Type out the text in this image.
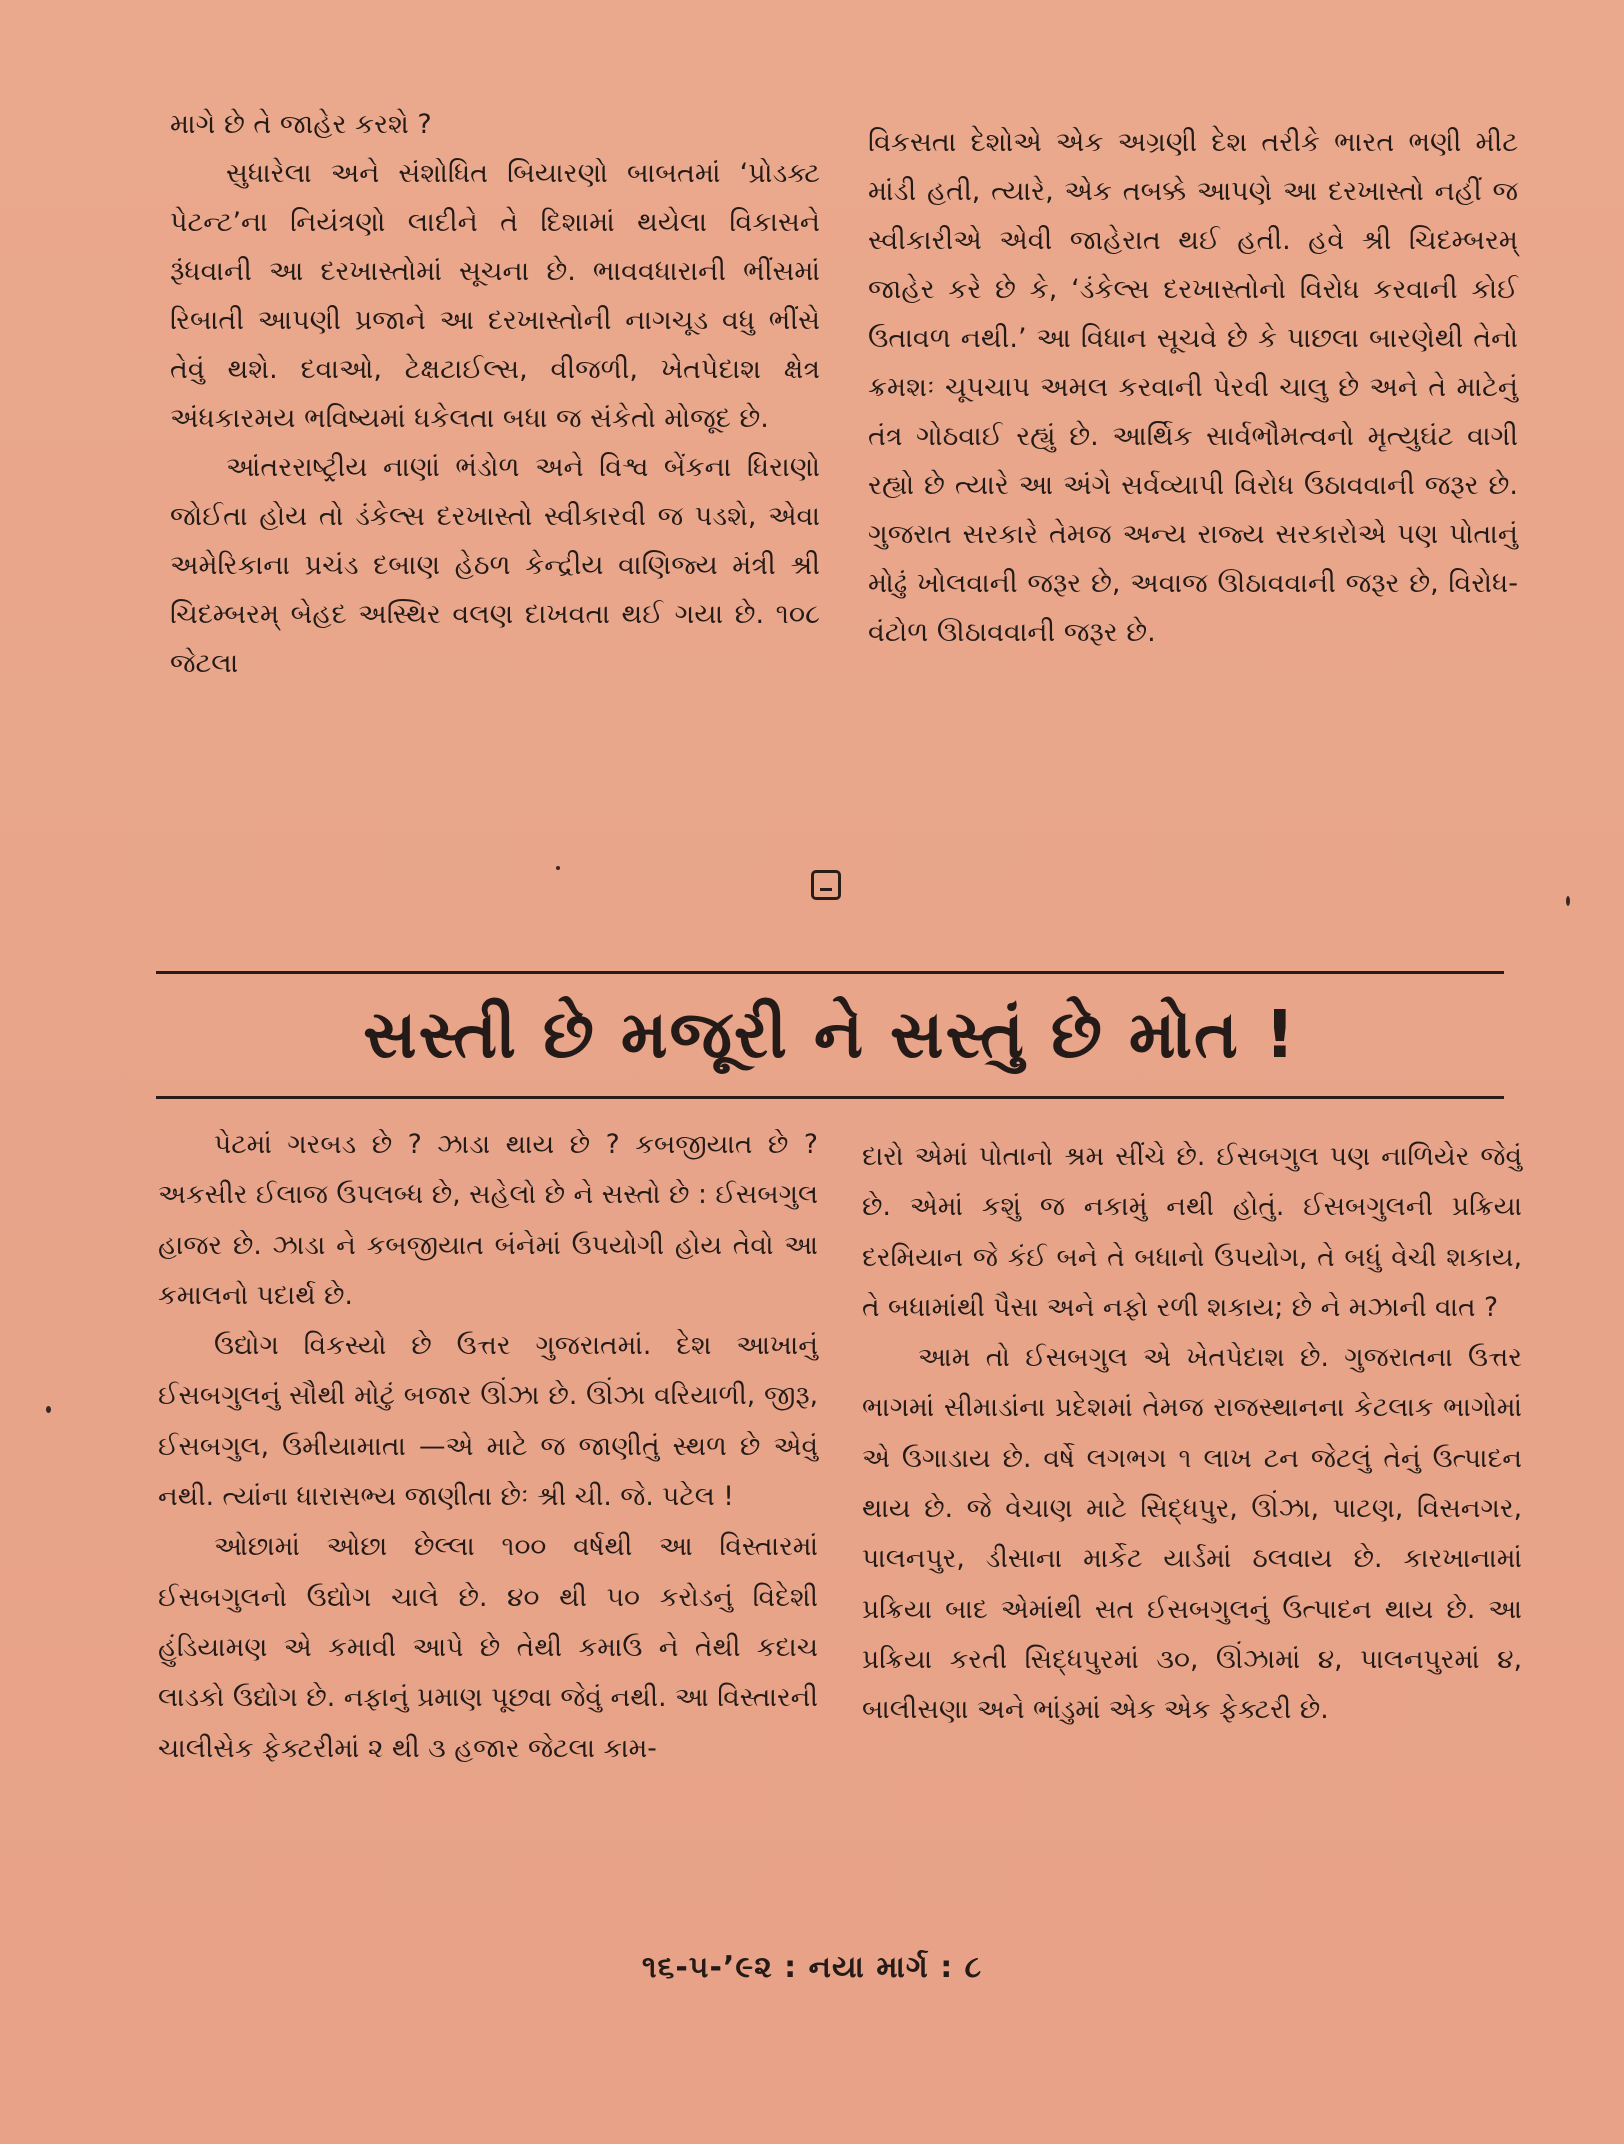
માગે છે તે જાહેર કરશે ?

સુધારેલા અને સંશોધિત બિયારણો બાબતમાં ‘પ્રોડક્ટ પેટન્ટ’ના નિયંત્રણો લાદીને તે દિશામાં થયેલા વિકાસને રૂંધવાની આ દરખાસ્તોમાં સૂચના છે. ભાવવધારાની ભીંસમાં રિબાતી આપણી પ્રજાને આ દરખાસ્તોની નાગચૂડ વધુ ભીંસે તેવું થશે. દવાઓ, ટેક્ષટાઈલ્સ, વીજળી, ખેતપેદાશ ક્ષેત્ર અંધકારમય ભવિષ્યમાં ધકેલતા બધા જ સંકેતો મોજૂદ છે.

આંતરરાષ્ટ્રીય નાણાં ભંડોળ અને વિશ્વ બેંકના ધિરાણો જોઈતા હોય તો ડંકેલ્સ દરખાસ્તો સ્વીકારવી જ પડશે, એવા અમેરિકાના પ્રચંડ દબાણ હેઠળ કેન્દ્રીય વાણિજ્ય મંત્રી શ્રી ચિદમ્બરમ્ બેહદ અસ્થિર વલણ દાખવતા થઈ ગયા છે. ૧૦૮ જેટલા

વિકસતા દેશોએ એક અગ્રણી દેશ તરીકે ભારત ભણી મીટ માંડી હતી, ત્યારે, એક તબક્કે આપણે આ દરખાસ્તો નહીં જ સ્વીકારીએ એવી જાહેરાત થઈ હતી. હવે શ્રી ચિદમ્બરમ્ જાહેર કરે છે કે, ‘ડંકેલ્સ દરખાસ્તોનો વિરોધ કરવાની કોઈ ઉતાવળ નથી.’ આ વિધાન સૂચવે છે કે પાછલા બારણેથી તેનો ક્રમશઃ ચૂપચાપ અમલ કરવાની પેરવી ચાલુ છે અને તે માટેનું તંત્ર ગોઠવાઈ રહ્યું છે. આર્થિક સાર્વભૌમત્વનો મૃત્યુઘંટ વાગી રહ્યો છે ત્યારે આ અંગે સર્વવ્યાપી વિરોધ ઉઠાવવાની જરૂર છે. ગુજરાત સરકારે તેમજ અન્ય રાજ્ય સરકારોએ પણ પોતાનું મોઢું ખોલવાની જરૂર છે, અવાજ ઊઠાવવાની જરૂર છે, વિરોધ-વંટોળ ઊઠાવવાની જરૂર છે.

સસ્તી છે મજૂરી ને સસ્તું છે મોત !

પેટમાં ગરબડ છે ? ઝાડા થાય છે ? કબજીયાત છે ? અકસીર ઈલાજ ઉપલબ્ધ છે, સહેલો છે ને સસ્તો છે : ઈસબગુલ હાજર છે. ઝાડા ને કબજીયાત બંનેમાં ઉપયોગી હોય તેવો આ કમાલનો પદાર્થ છે.

ઉદ્યોગ વિકસ્યો છે ઉત્તર ગુજરાતમાં. દેશ આખાનું ઈસબગુલનું સૌથી મોટું બજાર ઊંઝા છે. ઊંઝા વરિયાળી, જીરૂ, ઈસબગુલ, ઉમીયામાતા —એ માટે જ જાણીતું સ્થળ છે એવું નથી. ત્યાંના ધારાસભ્ય જાણીતા છેઃ શ્રી ચી. જે. પટેલ !

ઓછામાં ઓછા છેલ્લા ૧૦૦ વર્ષથી આ વિસ્તારમાં ઈસબગુલનો ઉદ્યોગ ચાલે છે. ૪૦ થી ૫૦ કરોડનું વિદેશી હુંડિયામણ એ કમાવી આપે છે તેથી કમાઉ ને તેથી કદાચ લાડકો ઉદ્યોગ છે. નફાનું પ્રમાણ પૂછવા જેવું નથી. આ વિસ્તારની ચાલીસેક ફેક્ટરીમાં ૨ થી ૩ હજાર જેટલા કામ-

દારો એમાં પોતાનો શ્રમ સીંચે છે. ઈસબગુલ પણ નાળિયેર જેવું છે. એમાં કશું જ નકામું નથી હોતું. ઈસબગુલની પ્રક્રિયા દરમિયાન જે કંઈ બને તે બધાનો ઉપયોગ, તે બધું વેચી શકાય, તે બધામાંથી પૈસા અને નફો રળી શકાય; છે ને મઝાની વાત ?

આમ તો ઈસબગુલ એ ખેતપેદાશ છે. ગુજરાતના ઉત્તર ભાગમાં સીમાડાંના પ્રદેશમાં તેમજ રાજસ્થાનના કેટલાક ભાગોમાં એ ઉગાડાય છે. વર્ષે લગભગ ૧ લાખ ટન જેટલું તેનું ઉત્પાદન થાય છે. જે વેચાણ માટે સિદ્ધપુર, ઊંઝા, પાટણ, વિસનગર, પાલનપુર, ડીસાના માર્કેટ યાર્ડમાં ઠલવાય છે. કારખાનામાં પ્રક્રિયા બાદ એમાંથી સત ઈસબગુલનું ઉત્પાદન થાય છે. આ પ્રક્રિયા કરતી સિદ્ધપુરમાં ૩૦, ઊંઝામાં ૪, પાલનપુરમાં ૪, બાલીસણા અને ભાંડુમાં એક એક ફેક્ટરી છે.

૧૬-૫-’૯૨ : નયા માર્ગ : ૮
